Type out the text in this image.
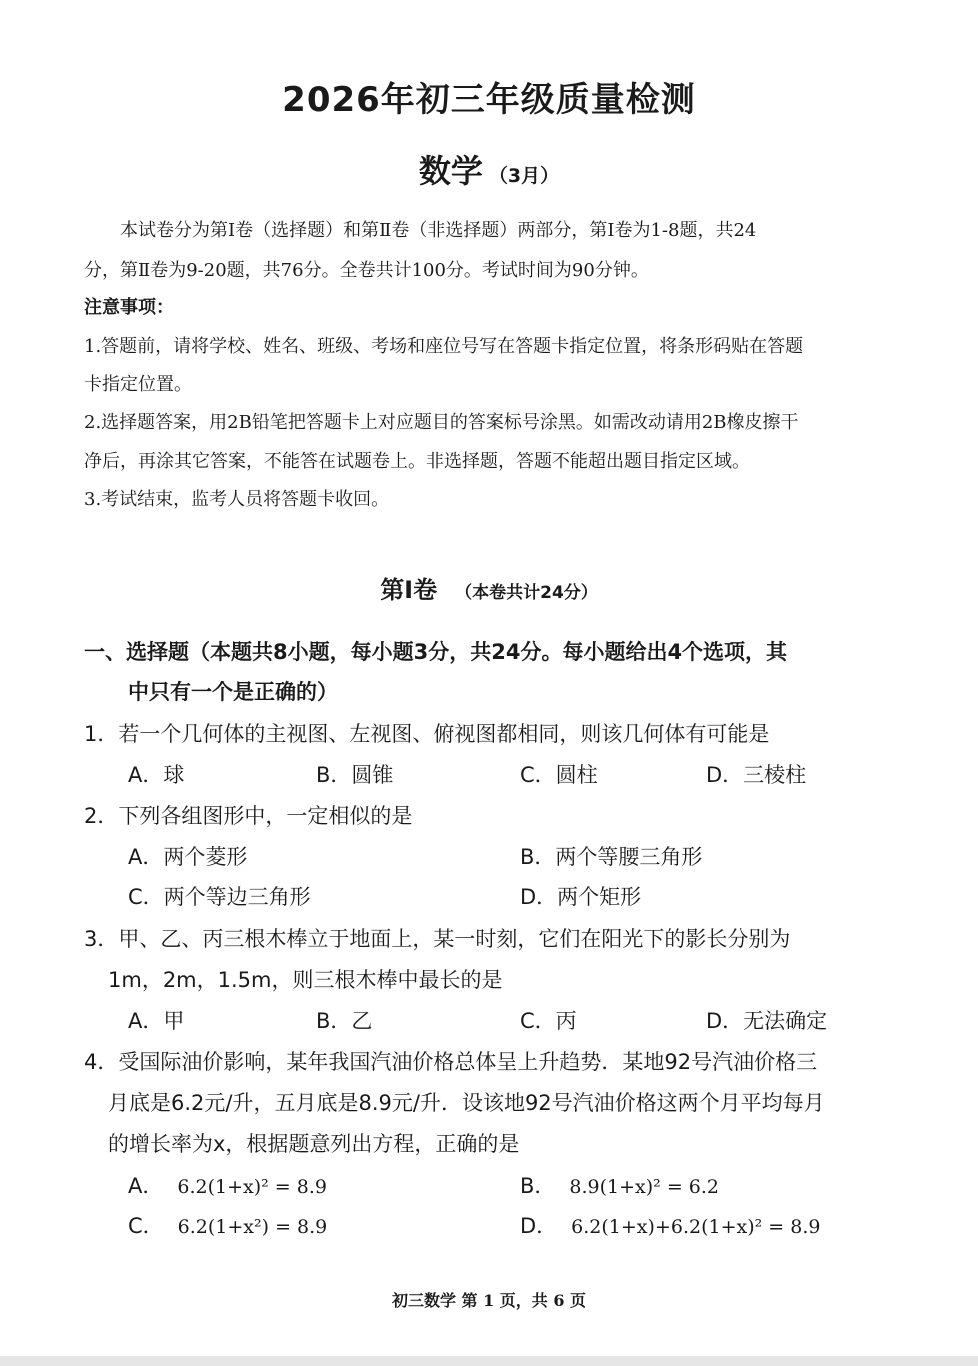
2026年初三年级质量检测
数学 （3月）
本试卷分为第Ⅰ卷（选择题）和第Ⅱ卷（非选择题）两部分，第Ⅰ卷为1-8题，共24
分，第Ⅱ卷为9-20题，共76分。全卷共计100分。考试时间为90分钟。
注意事项：
1.答题前，请将学校、姓名、班级、考场和座位号写在答题卡指定位置，将条形码贴在答题
卡指定位置。
2.选择题答案，用2B铅笔把答题卡上对应题目的答案标号涂黑。如需改动请用2B橡皮擦干
净后，再涂其它答案，不能答在试题卷上。非选择题，答题不能超出题目指定区域。
3.考试结束，监考人员将答题卡收回。
第Ⅰ卷 （本卷共计24分）
一、选择题（本题共8小题，每小题3分，共24分。每小题给出4个选项，其
中只有一个是正确的）
1．若一个几何体的主视图、左视图、俯视图都相同，则该几何体有可能是
A．球	B．圆锥	C．圆柱	D．三棱柱
2．下列各组图形中，一定相似的是
A．两个菱形	B．两个等腰三角形
C．两个等边三角形	D．两个矩形
3．甲、乙、丙三根木棒立于地面上，某一时刻，它们在阳光下的影长分别为
1m，2m，1.5m，则三根木棒中最长的是
A．甲	B．乙	C．丙	D．无法确定
4．受国际油价影响，某年我国汽油价格总体呈上升趋势．某地92号汽油价格三
月底是6.2元/升，五月底是8.9元/升．设该地92号汽油价格这两个月平均每月
的增长率为x，根据题意列出方程，正确的是
A． 6.2(1+x)² = 8.9	B． 8.9(1+x)² = 6.2
C． 6.2(1+x²) = 8.9	D． 6.2(1+x)+6.2(1+x)² = 8.9
初三数学 第 1 页，共 6 页
